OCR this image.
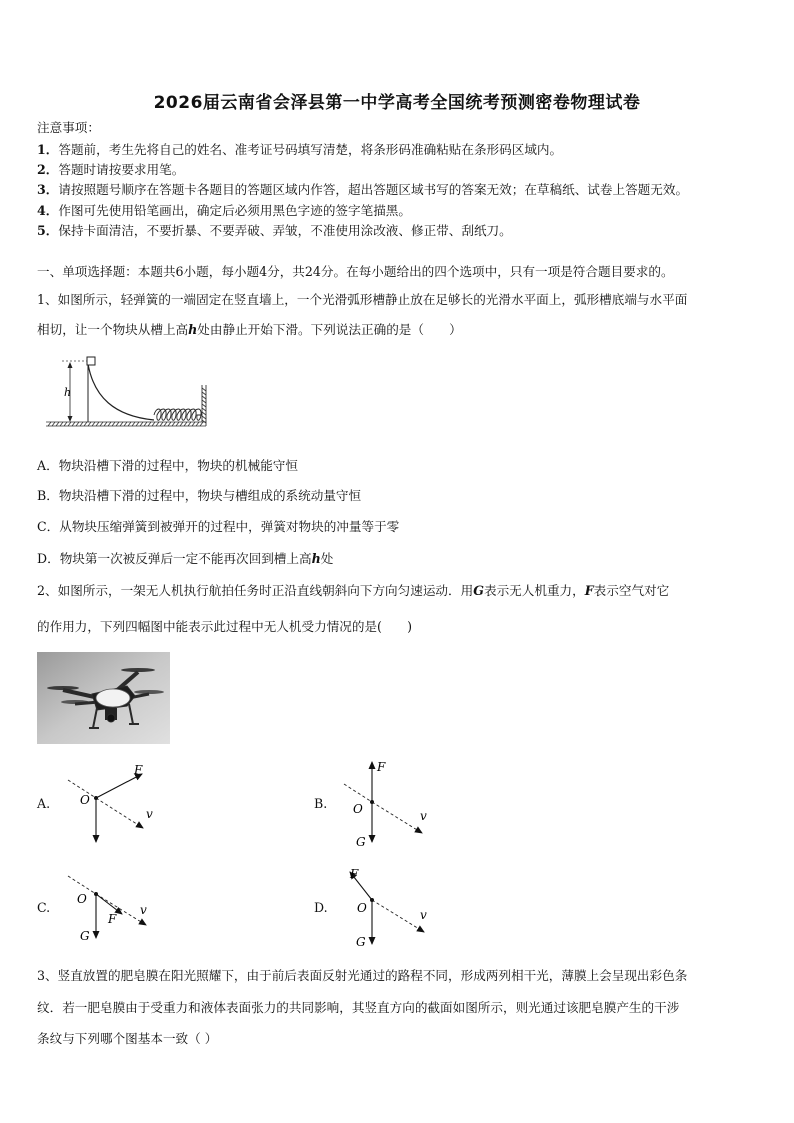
2026届云南省会泽县第一中学高考全国统考预测密卷物理试卷
注意事项：
1．答题前，考生先将自己的姓名、准考证号码填写清楚，将条形码准确粘贴在条形码区域内。
2．答题时请按要求用笔。
3．请按照题号顺序在答题卡各题目的答题区域内作答，超出答题区域书写的答案无效；在草稿纸、试卷上答题无效。
4．作图可先使用铅笔画出，确定后必须用黑色字迹的签字笔描黑。
5．保持卡面清洁，不要折暴、不要弄破、弄皱，不准使用涂改液、修正带、刮纸刀。
一、单项选择题：本题共6小题，每小题4分，共24分。在每小题给出的四个选项中，只有一项是符合题目要求的。
1、如图所示，轻弹簧的一端固定在竖直墙上，一个光滑弧形槽静止放在足够长的光滑水平面上，弧形槽底端与水平面
相切，让一个物块从槽上高h处由静止开始下滑。下列说法正确的是（　　）
h
A．物块沿槽下滑的过程中，物块的机械能守恒
B．物块沿槽下滑的过程中，物块与槽组成的系统动量守恒
C．从物块压缩弹簧到被弹开的过程中，弹簧对物块的冲量等于零
D．物块第一次被反弹后一定不能再次回到槽上高h处
2、如图所示，一架无人机执行航拍任务时正沿直线朝斜向下方向匀速运动．用G表示无人机重力，F表示空气对它
的作用力，下列四幅图中能表示此过程中无人机受力情况的是(　　)
A.
F
O
v
B.
F
O	v
G
C.
F
O
v
G
D.
F
O	v
G
3、竖直放置的肥皂膜在阳光照耀下，由于前后表面反射光通过的路程不同，形成两列相干光，薄膜上会呈现出彩色条
纹．若一肥皂膜由于受重力和液体表面张力的共同影响，其竖直方向的截面如图所示，则光通过该肥皂膜产生的干涉
条纹与下列哪个图基本一致（ ）
